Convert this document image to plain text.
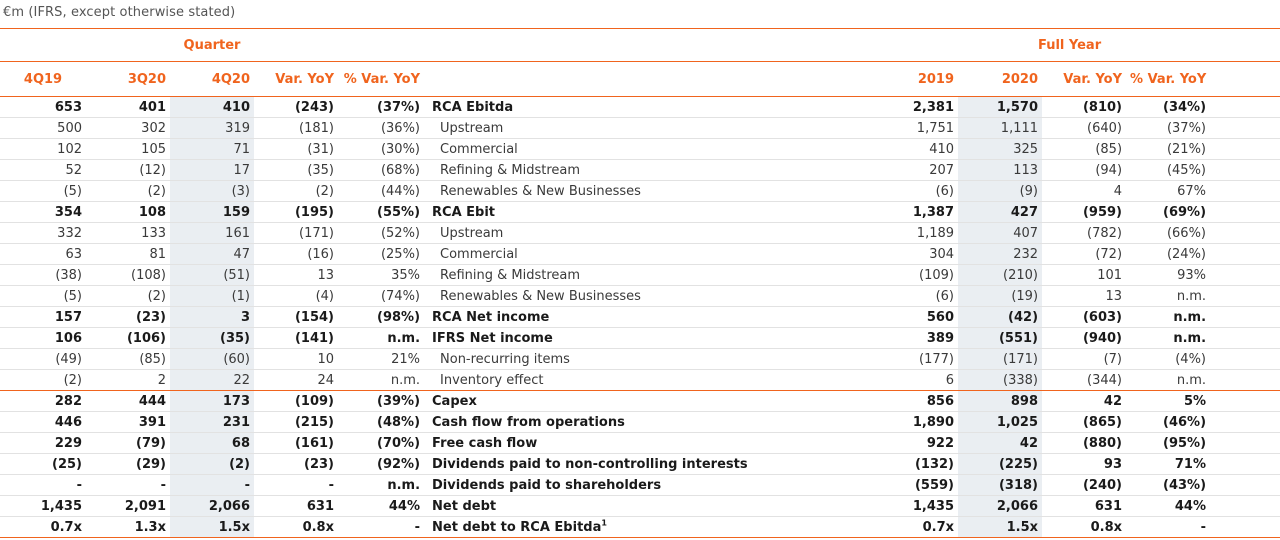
€m (IFRS, except otherwise stated)
Quarter						Full Year				
4Q19	3Q20	4Q20	Var. YoY	% Var. YoY		2019	2020	Var. YoY	% Var. YoY	
653	401	410	(243)	(37%)	RCA Ebitda	2,381	1,570	(810)	(34%)	
500	302	319	(181)	(36%)	Upstream	1,751	1,111	(640)	(37%)	
102	105	71	(31)	(30%)	Commercial	410	325	(85)	(21%)	
52	(12)	17	(35)	(68%)	Refining & Midstream	207	113	(94)	(45%)	
(5)	(2)	(3)	(2)	(44%)	Renewables & New Businesses	(6)	(9)	4	67%	
354	108	159	(195)	(55%)	RCA Ebit	1,387	427	(959)	(69%)	
332	133	161	(171)	(52%)	Upstream	1,189	407	(782)	(66%)	
63	81	47	(16)	(25%)	Commercial	304	232	(72)	(24%)	
(38)	(108)	(51)	13	35%	Refining & Midstream	(109)	(210)	101	93%	
(5)	(2)	(1)	(4)	(74%)	Renewables & New Businesses	(6)	(19)	13	n.m.	
157	(23)	3	(154)	(98%)	RCA Net income	560	(42)	(603)	n.m.	
106	(106)	(35)	(141)	n.m.	IFRS Net income	389	(551)	(940)	n.m.	
(49)	(85)	(60)	10	21%	Non-recurring items	(177)	(171)	(7)	(4%)	
(2)	2	22	24	n.m.	Inventory effect	6	(338)	(344)	n.m.	
282	444	173	(109)	(39%)	Capex	856	898	42	5%	
446	391	231	(215)	(48%)	Cash flow from operations	1,890	1,025	(865)	(46%)	
229	(79)	68	(161)	(70%)	Free cash flow	922	42	(880)	(95%)	
(25)	(29)	(2)	(23)	(92%)	Dividends paid to non-controlling interests	(132)	(225)	93	71%	
-	-	-	-	n.m.	Dividends paid to shareholders	(559)	(318)	(240)	(43%)	
1,435	2,091	2,066	631	44%	Net debt	1,435	2,066	631	44%	
0.7x	1.3x	1.5x	0.8x	-	Net debt to RCA Ebitda$^1$	0.7x	1.5x	0.8x	-	
